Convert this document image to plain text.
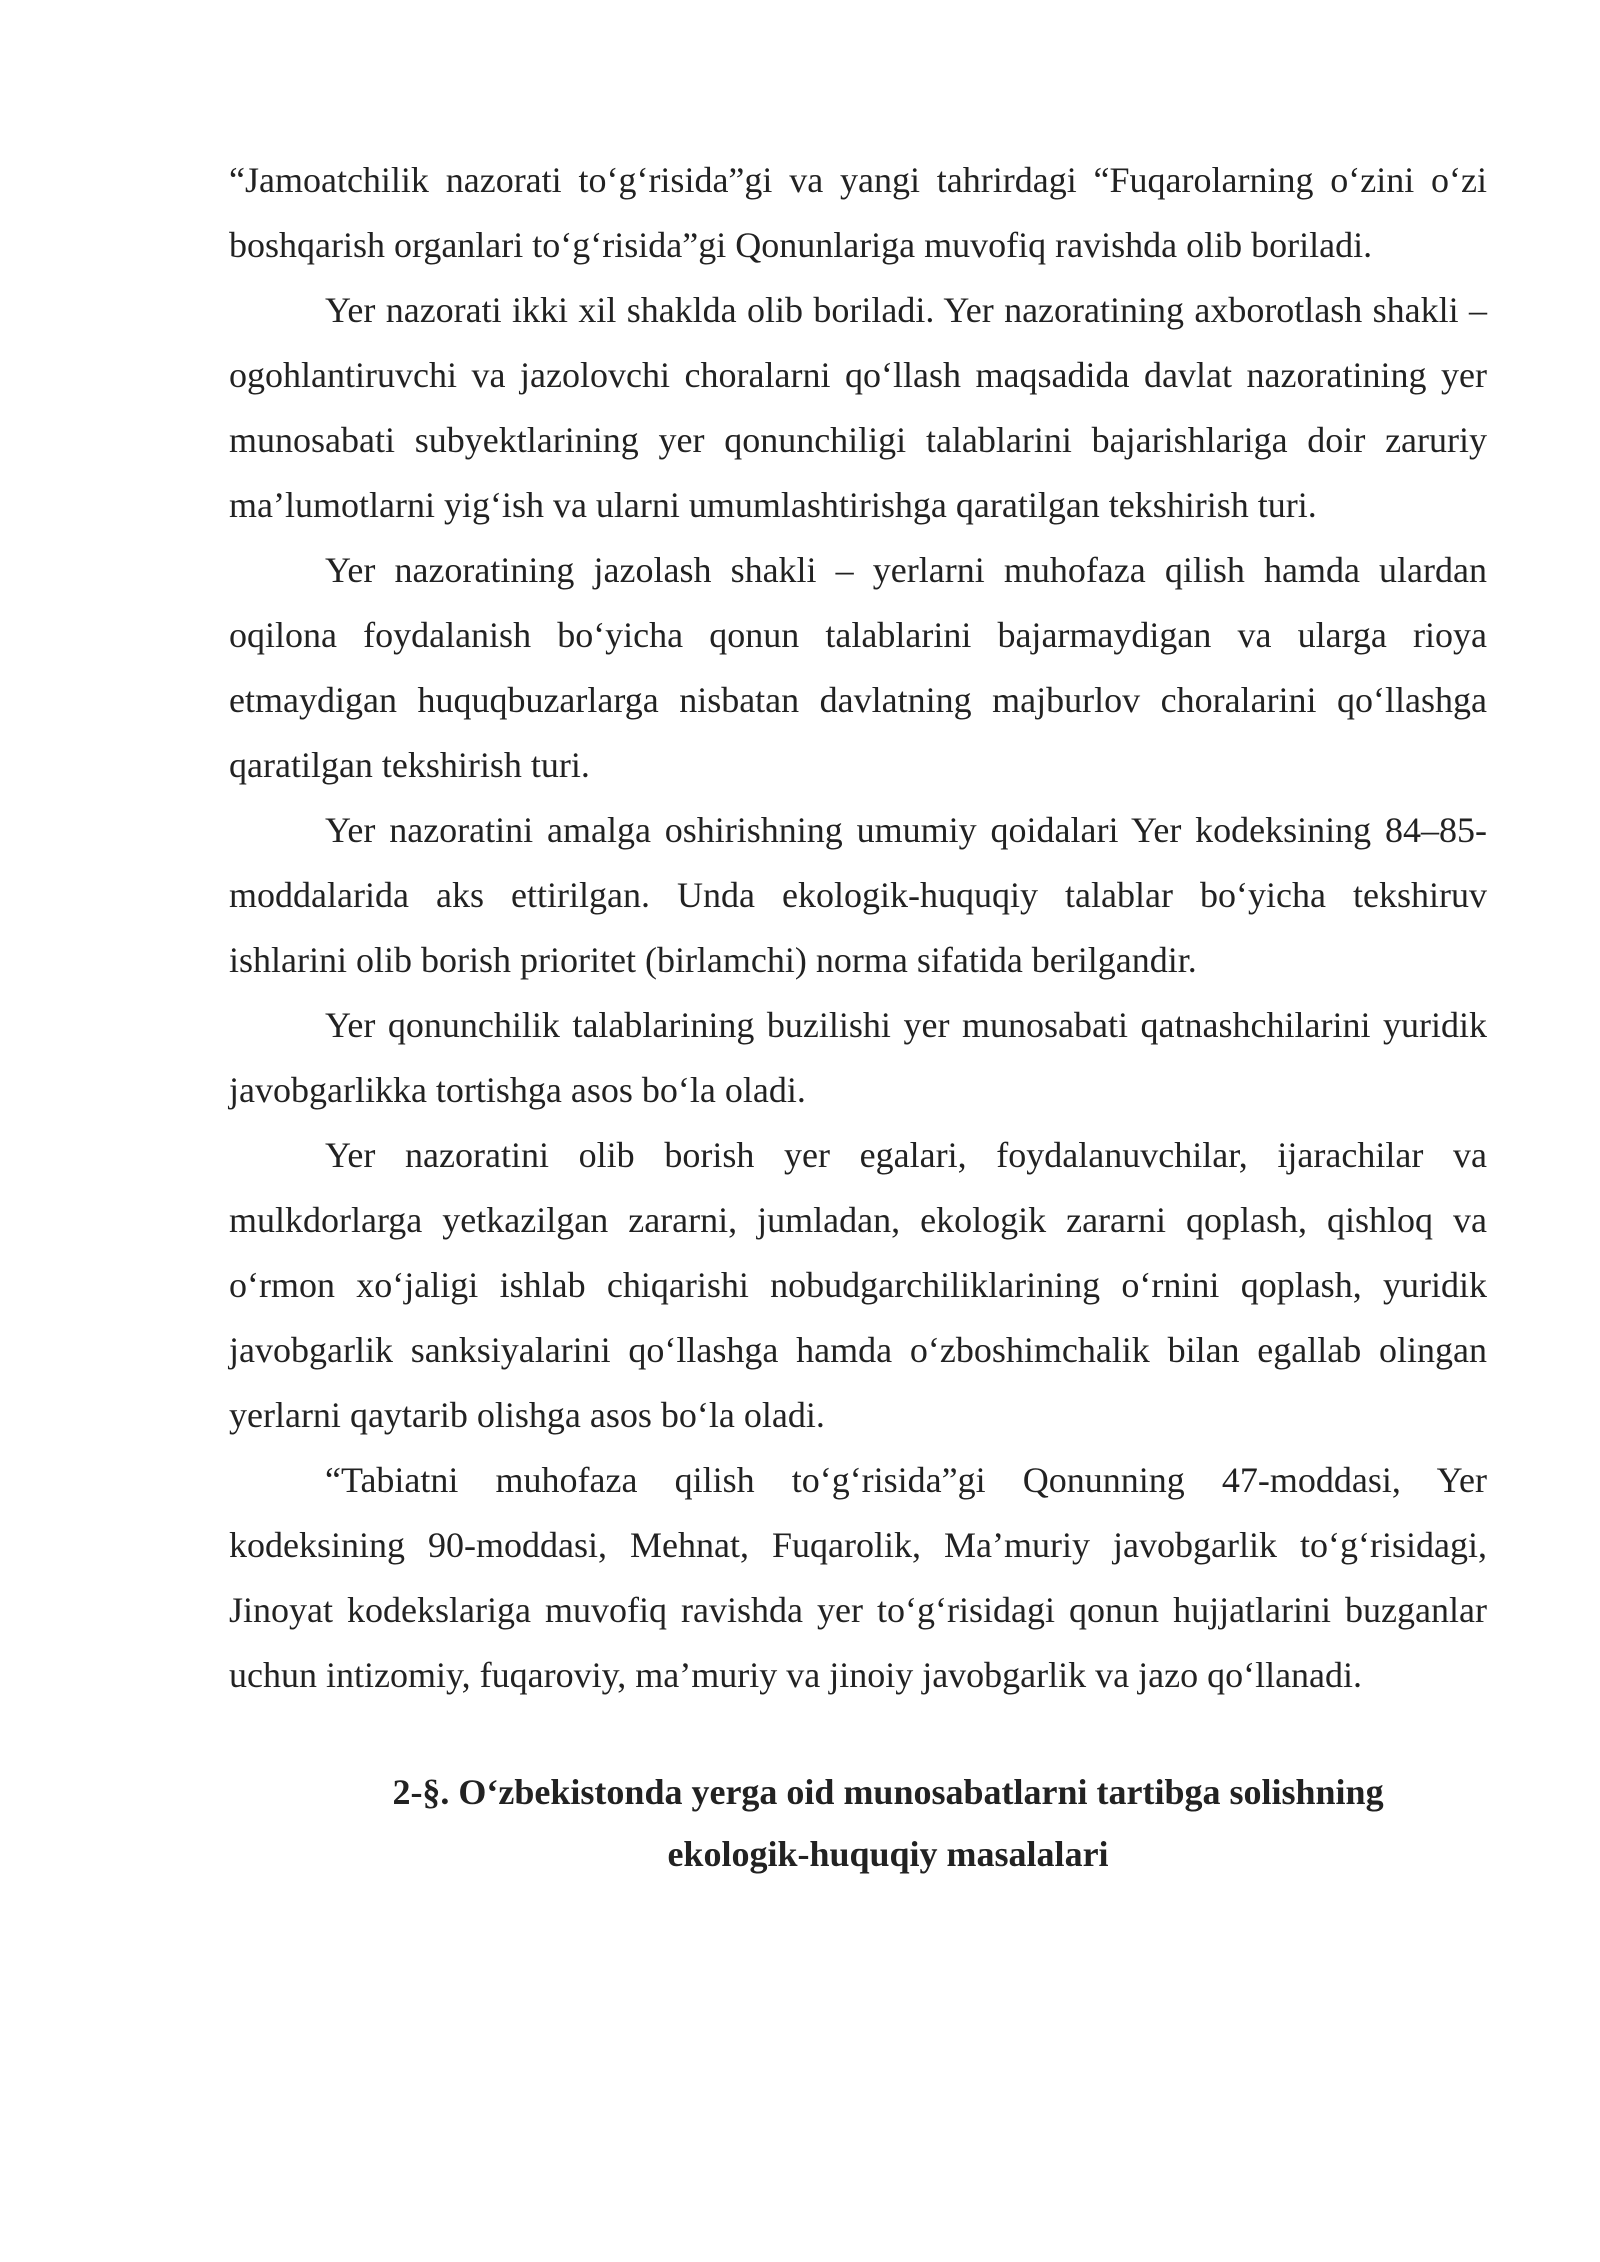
“Jamoatchilik nazorati to‘g‘risida”gi va yangi tahrirdagi “Fuqarolarning o‘zini o‘zi boshqarish organlari to‘g‘risida”gi Qonunlariga muvofiq ravishda olib boriladi.

Yer nazorati ikki xil shaklda olib boriladi. Yer nazoratining axborotlash shakli – ogohlantiruvchi va jazolovchi choralarni qo‘llash maqsadida davlat nazoratining yer munosabati subyektlarining yer qonunchiligi talablarini bajarishlariga doir zaruriy ma’lumotlarni yig‘ish va ularni umumlashtirishga qaratilgan tekshirish turi.

Yer nazoratining jazolash shakli – yerlarni muhofaza qilish hamda ulardan oqilona foydalanish bo‘yicha qonun talablarini bajarmaydigan va ularga rioya etmaydigan huquqbuzarlarga nisbatan davlatning majburlov choralarini qo‘llashga qaratilgan tekshirish turi.

Yer nazoratini amalga oshirishning umumiy qoidalari Yer kodeksining 84–85-moddalarida aks ettirilgan. Unda ekologik-huquqiy talablar bo‘yicha tekshiruv ishlarini olib borish prioritet (birlamchi) norma sifatida berilgandir.

Yer qonunchilik talablarining buzilishi yer munosabati qatnashchilarini yuridik javobgarlikka tortishga asos bo‘la oladi.

Yer nazoratini olib borish yer egalari, foydalanuvchilar, ijarachilar va mulkdorlarga yetkazilgan zararni, jumladan, ekologik zararni qoplash, qishloq va o‘rmon xo‘jaligi ishlab chiqarishi nobudgarchiliklarining o‘rnini qoplash, yuridik javobgarlik sanksiyalarini qo‘llashga hamda o‘zboshimchalik bilan egallab olingan yerlarni qaytarib olishga asos bo‘la oladi.

“Tabiatni muhofaza qilish to‘g‘risida”gi Qonunning 47-moddasi, Yer kodeksining 90-moddasi, Mehnat, Fuqarolik, Ma’muriy javobgarlik to‘g‘risidagi, Jinoyat kodekslariga muvofiq ravishda yer to‘g‘risidagi qonun hujjatlarini buzganlar uchun intizomiy, fuqaroviy, ma’muriy va jinoiy javobgarlik va jazo qo‘llanadi.

2-§. O‘zbekistonda yerga oid munosabatlarni tartibga solishning
ekologik-huquqiy masalalari
